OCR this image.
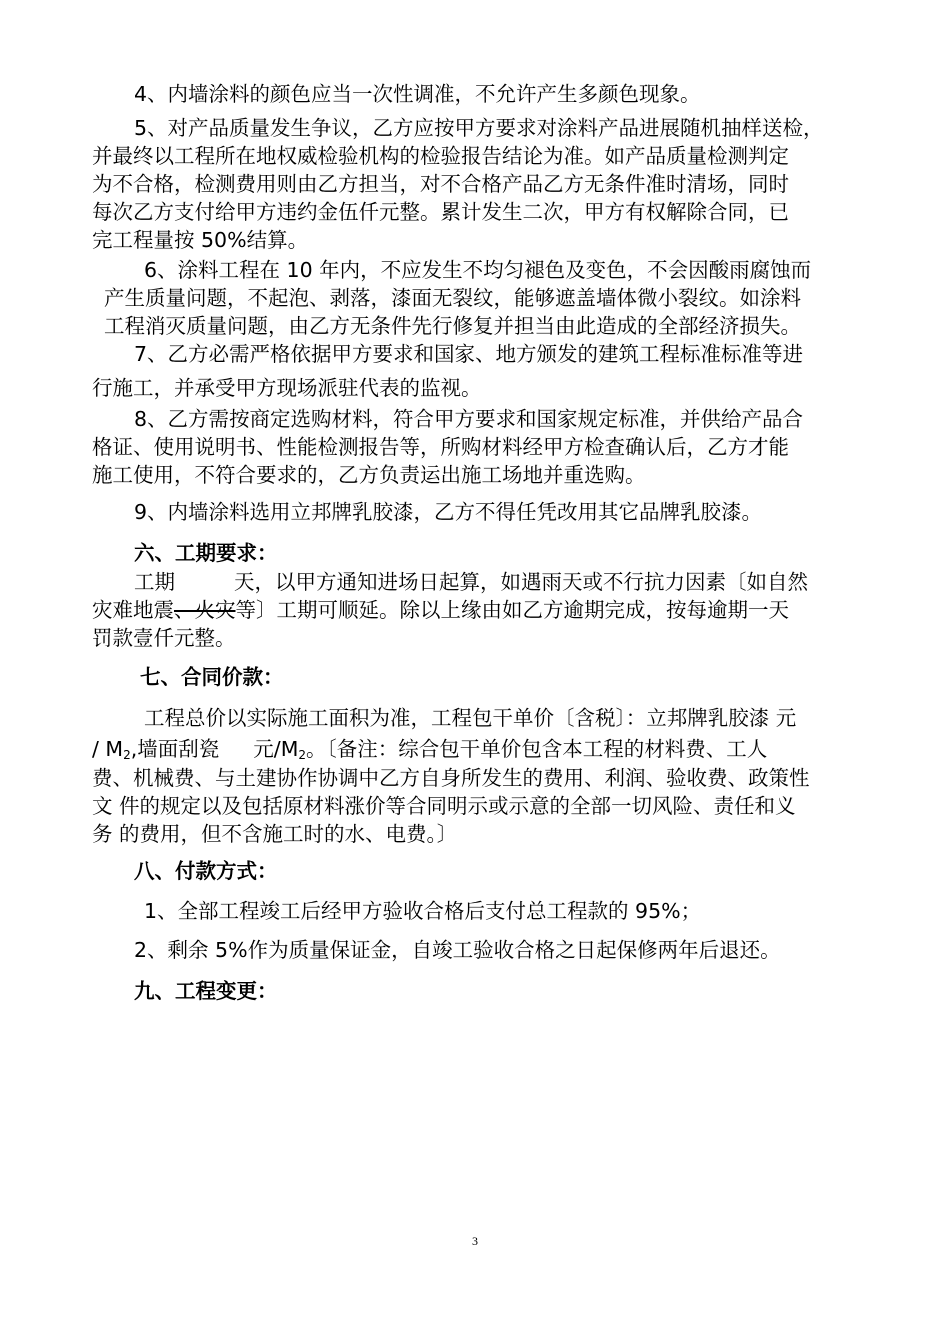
4、内墙涂料的颜色应当一次性调准，不允许产生多颜色现象。
5、对产品质量发生争议，乙方应按甲方要求对涂料产品进展随机抽样送检，
并最终以工程所在地权威检验机构的检验报告结论为准。如产品质量检测判定
为不合格，检测费用则由乙方担当，对不合格产品乙方无条件准时清场，同时
每次乙方支付给甲方违约金伍仟元整。累计发生二次，甲方有权解除合同，已
完工程量按 50%结算。
6、涂料工程在 10 年内，不应发生不均匀褪色及变色，不会因酸雨腐蚀而
产生质量问题，不起泡、剥落，漆面无裂纹，能够遮盖墙体微小裂纹。如涂料
工程消灭质量问题，由乙方无条件先行修复并担当由此造成的全部经济损失。
7、乙方必需严格依据甲方要求和国家、地方颁发的建筑工程标准标准等进
行施工，并承受甲方现场派驻代表的监视。
8、乙方需按商定选购材料，符合甲方要求和国家规定标准，并供给产品合
格证、使用说明书、性能检测报告等，所购材料经甲方检查确认后，乙方才能
施工使用，不符合要求的，乙方负责运出施工场地并重选购。
9、内墙涂料选用立邦牌乳胶漆，乙方不得任凭改用其它品牌乳胶漆。
六、工期要求：
工期	天，以甲方通知进场日起算，如遇雨天或不行抗力因素〔如自然
灾难地震、火灾等〕工期可顺延。除以上缘由如乙方逾期完成，按每逾期一天
罚款壹仟元整。
七、合同价款：
工程总价以实际施工面积为准，工程包干单价〔含税〕：立邦牌乳胶漆 元
/ $M_2$,墙面刮瓷 元$/M_2$。〔备注：综合包干单价包含本工程的材料费、工人
费、机械费、与土建协作协调中乙方自身所发生的费用、利润、验收费、政策性
文 件的规定以及包括原材料涨价等合同明示或示意的全部一切风险、责任和义
务 的费用，但不含施工时的水、电费。〕
八、付款方式：
1、全部工程竣工后经甲方验收合格后支付总工程款的 95%；
2、剩余 5%作为质量保证金，自竣工验收合格之日起保修两年后退还。
九、工程变更：
3
